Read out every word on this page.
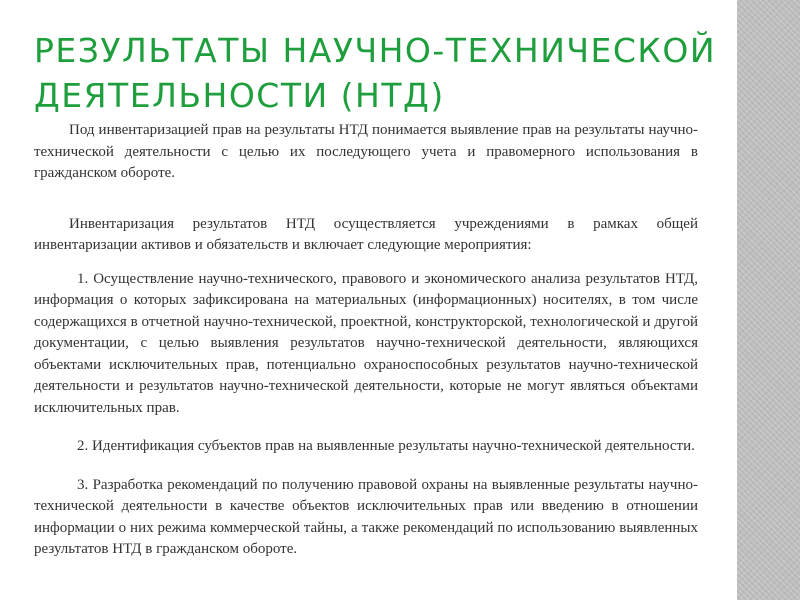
РЕЗУЛЬТАТЫ НАУЧНО-ТЕХНИЧЕСКОЙ ДЕЯТЕЛЬНОСТИ (НТД)

Под инвентаризацией прав на результаты НТД понимается выявление прав на результаты научно-технической деятельности с целью их последующего учета и правомерного использования в гражданском обороте.

Инвентаризация результатов НТД осуществляется учреждениями в рамках общей инвентаризации активов и обязательств и включает следующие мероприятия:

1. Осуществление научно-технического, правового и экономического анализа результатов НТД, информация о которых зафиксирована на материальных (информационных) носителях, в том числе содержащихся в отчетной научно-технической, проектной, конструкторской, технологической и другой документации, с целью выявления результатов научно-технической деятельности, являющихся объектами исключительных прав, потенциально охраноспособных результатов научно-технической деятельности и результатов научно-технической деятельности, которые не могут являться объектами исключительных прав.

2. Идентификация субъектов прав на выявленные результаты научно-технической деятельности.

3. Разработка рекомендаций по получению правовой охраны на выявленные результаты научно-технической деятельности в качестве объектов исключительных прав или введению в отношении информации о них режима коммерческой тайны, а также рекомендаций по использованию выявленных результатов НТД в гражданском обороте.
